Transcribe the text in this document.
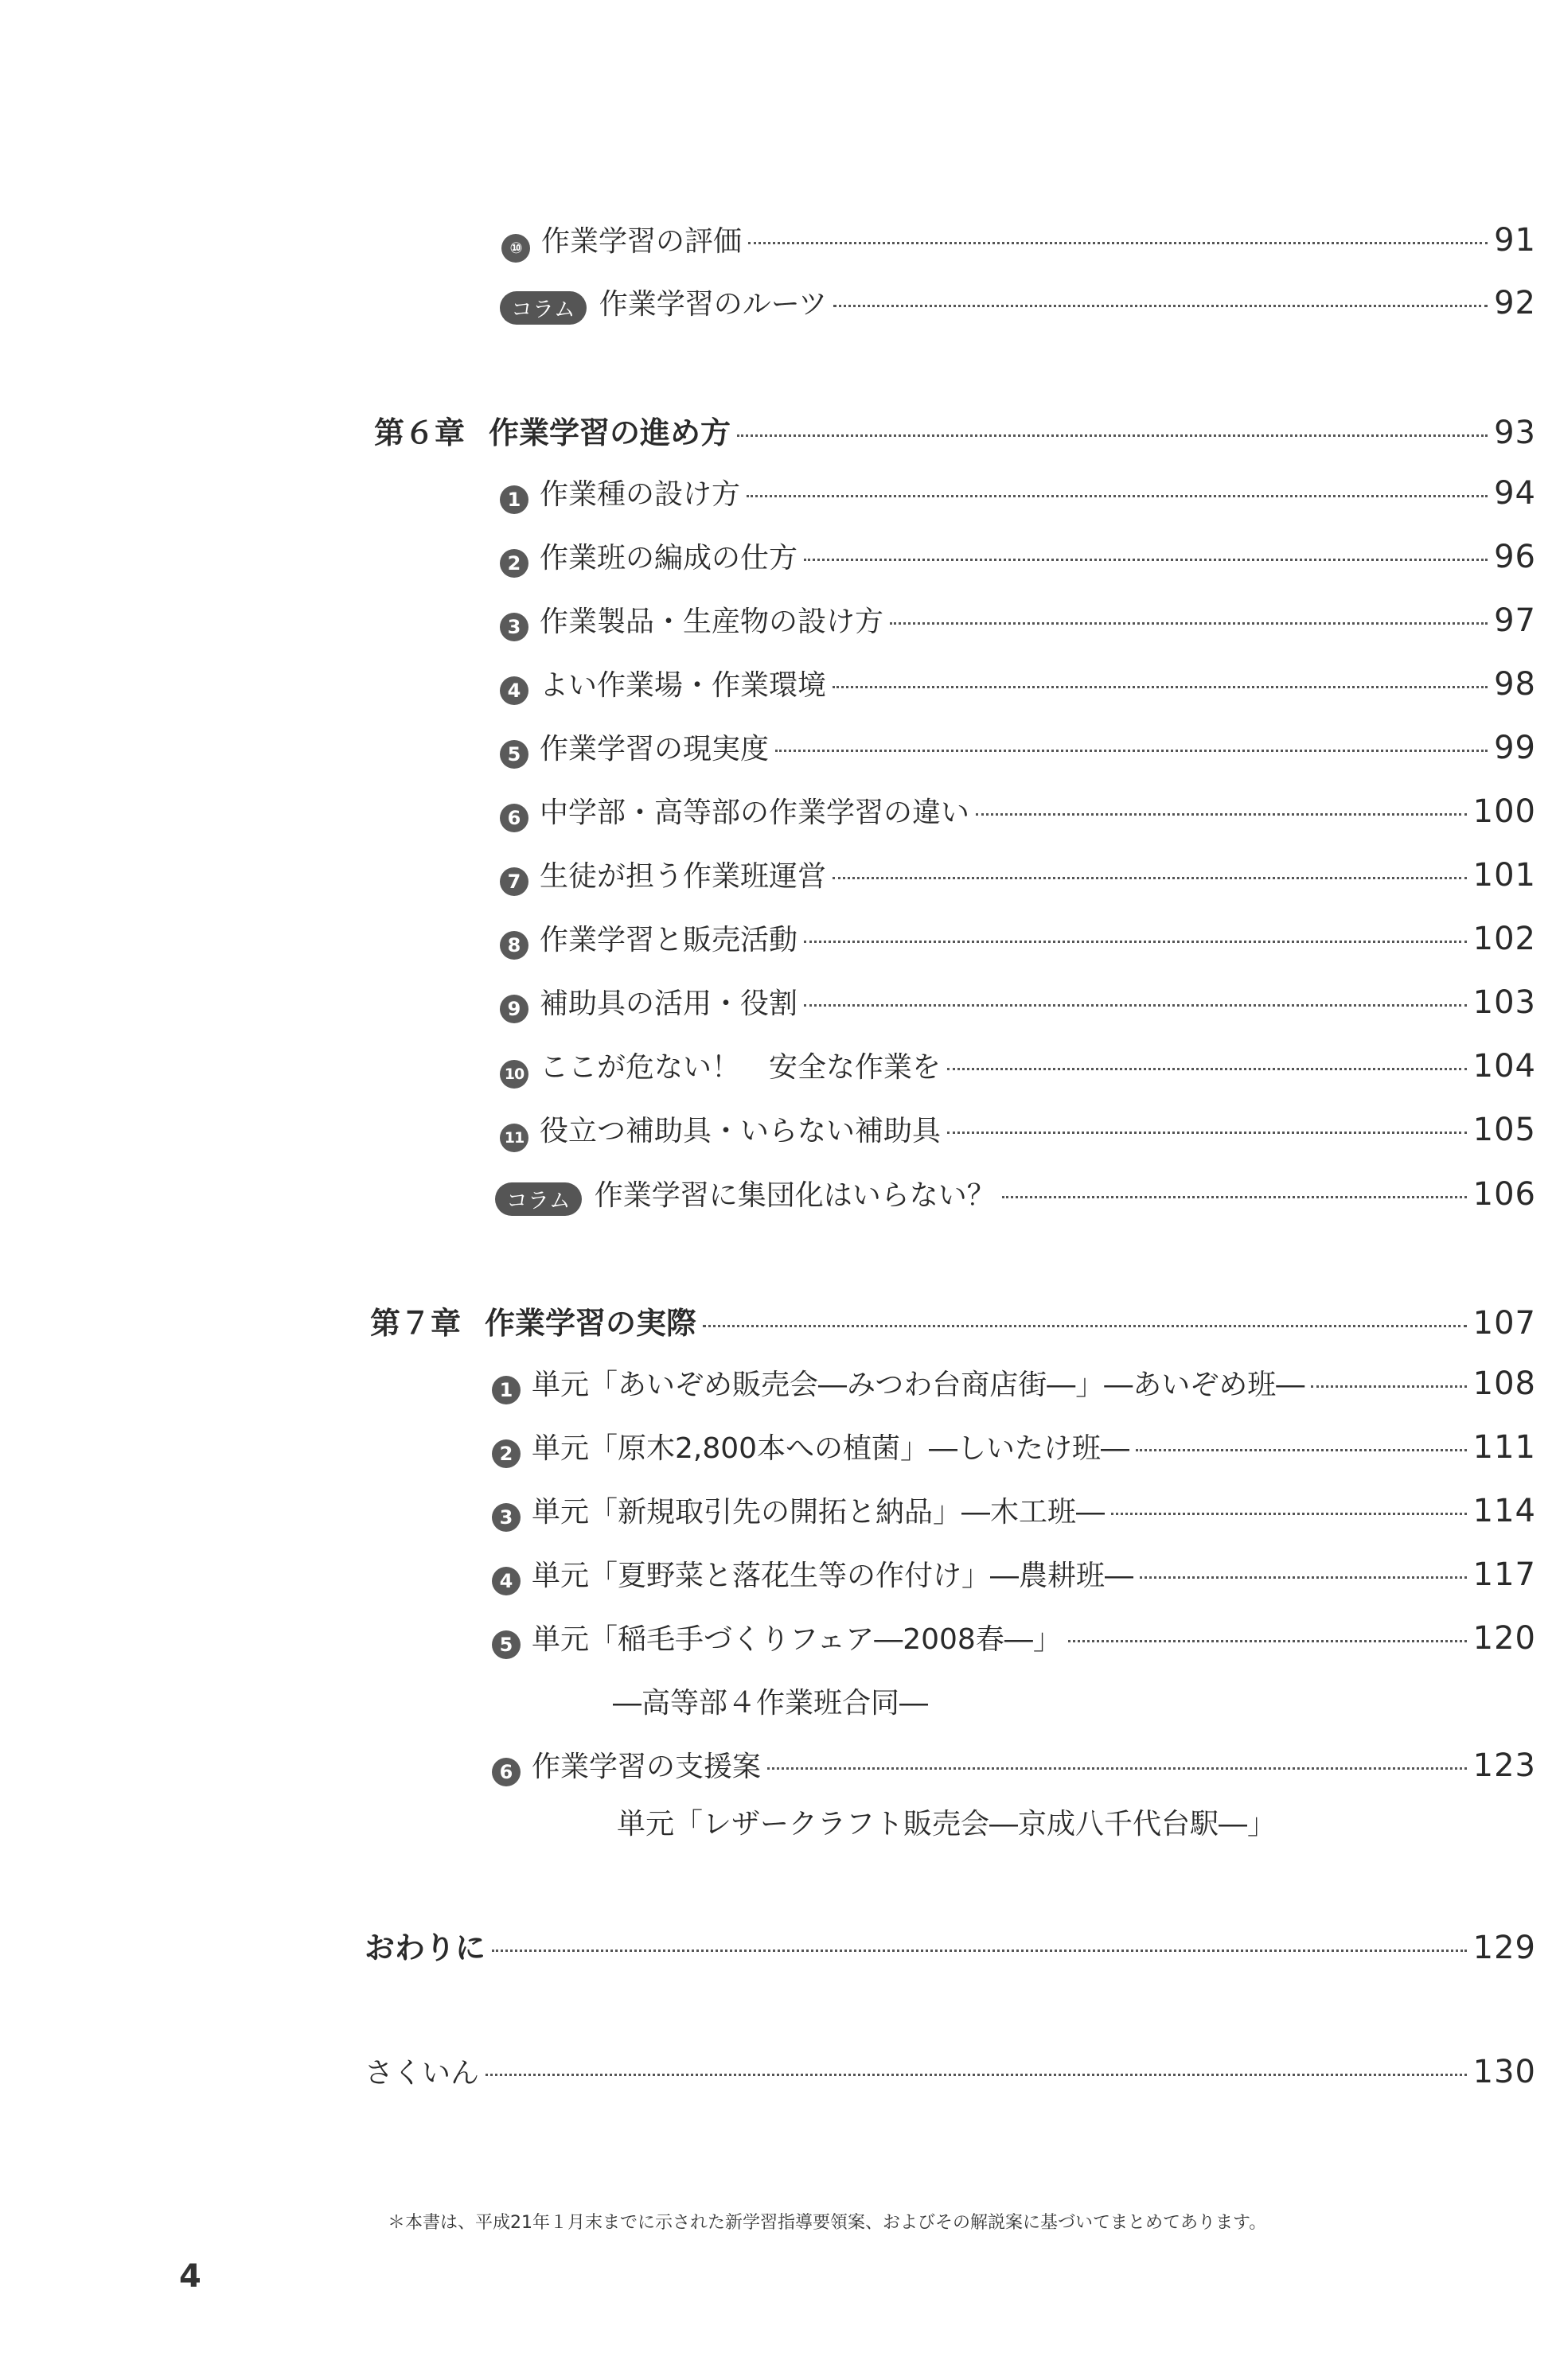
⑩ 作業学習の評価	91
コラム 作業学習のルーツ	92
第６章 作業学習の進め方	93
1 作業種の設け方	94
2 作業班の編成の仕方	96
3 作業製品・生産物の設け方	97
4 よい作業場・作業環境	98
5 作業学習の現実度	99
6 中学部・高等部の作業学習の違い	100
7 生徒が担う作業班運営	101
8 作業学習と販売活動	102
9 補助具の活用・役割	103
10 ここが危ない！　安全な作業を	104
11 役立つ補助具・いらない補助具	105
コラム 作業学習に集団化はいらない？	106
第７章 作業学習の実際	107
1 単元「あいぞめ販売会―みつわ台商店街―」―あいぞめ班―	108
2 単元「原木2,800本への植菌」―しいたけ班―	111
3 単元「新規取引先の開拓と納品」―木工班―	114
4 単元「夏野菜と落花生等の作付け」―農耕班―	117
5 単元「稲毛手づくりフェア―2008春―」	120
―高等部４作業班合同―
6 作業学習の支援案	123
単元「レザークラフト販売会―京成八千代台駅―」
おわりに	129
さくいん	130
＊本書は、平成21年１月末までに示された新学習指導要領案、およびその解説案に基づいてまとめてあります。
4
